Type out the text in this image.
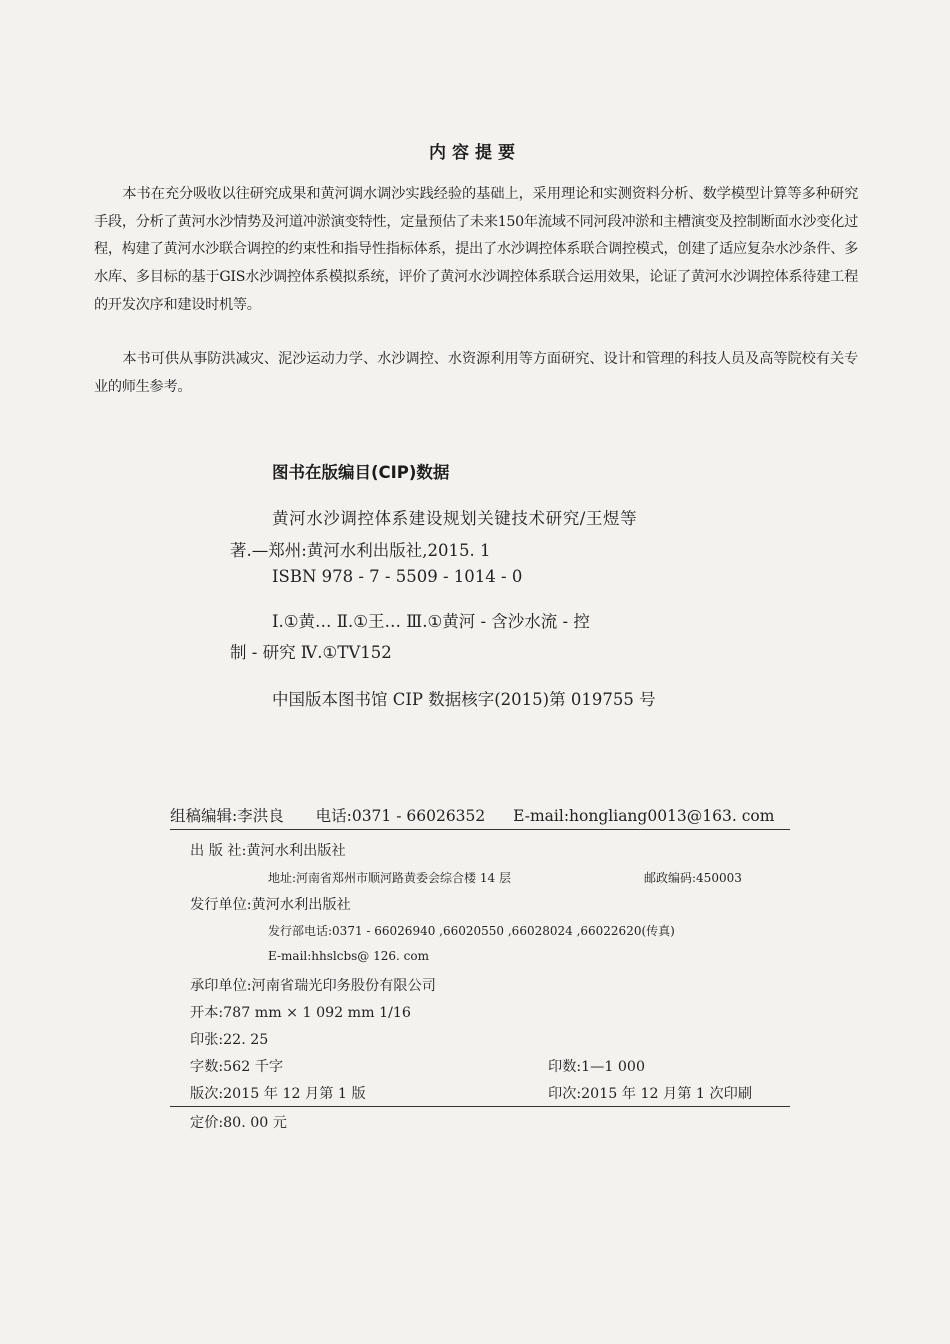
内容提要

本书在充分吸收以往研究成果和黄河调水调沙实践经验的基础上，采用理论和实测资料分析、数学模型计算等多种研究手段，分析了黄河水沙情势及河道冲淤演变特性，定量预估了未来150年流域不同河段冲淤和主槽演变及控制断面水沙变化过程，构建了黄河水沙联合调控的约束性和指导性指标体系，提出了水沙调控体系联合调控模式，创建了适应复杂水沙条件、多水库、多目标的基于GIS水沙调控体系模拟系统，评价了黄河水沙调控体系联合运用效果，论证了黄河水沙调控体系待建工程的开发次序和建设时机等。

本书可供从事防洪减灾、泥沙运动力学、水沙调控、水资源利用等方面研究、设计和管理的科技人员及高等院校有关专业的师生参考。

图书在版编目(CIP)数据
黄河水沙调控体系建设规划关键技术研究/王煜等
著.—郑州:黄河水利出版社,2015. 1
ISBN 978 - 7 - 5509 - 1014 - 0
Ⅰ.①黄… Ⅱ.①王… Ⅲ.①黄河 - 含沙水流 - 控
制 - 研究 Ⅳ.①TV152
中国版本图书馆 CIP 数据核字(2015)第 019755 号
组稿编辑:李洪良 电话:0371 - 66026352 E-mail:hongliang0013@163. com
出 版 社:黄河水利出版社
地址:河南省郑州市顺河路黄委会综合楼 14 层	邮政编码:450003
发行单位:黄河水利出版社
发行部电话:0371 - 66026940 ,66020550 ,66028024 ,66022620(传真)
E-mail:hhslcbs@ 126. com
承印单位:河南省瑞光印务股份有限公司
开本:787 mm × 1 092 mm 1/16
印张:22. 25
字数:562 千字	印数:1—1 000
版次:2015 年 12 月第 1 版	印次:2015 年 12 月第 1 次印刷
定价:80. 00 元
